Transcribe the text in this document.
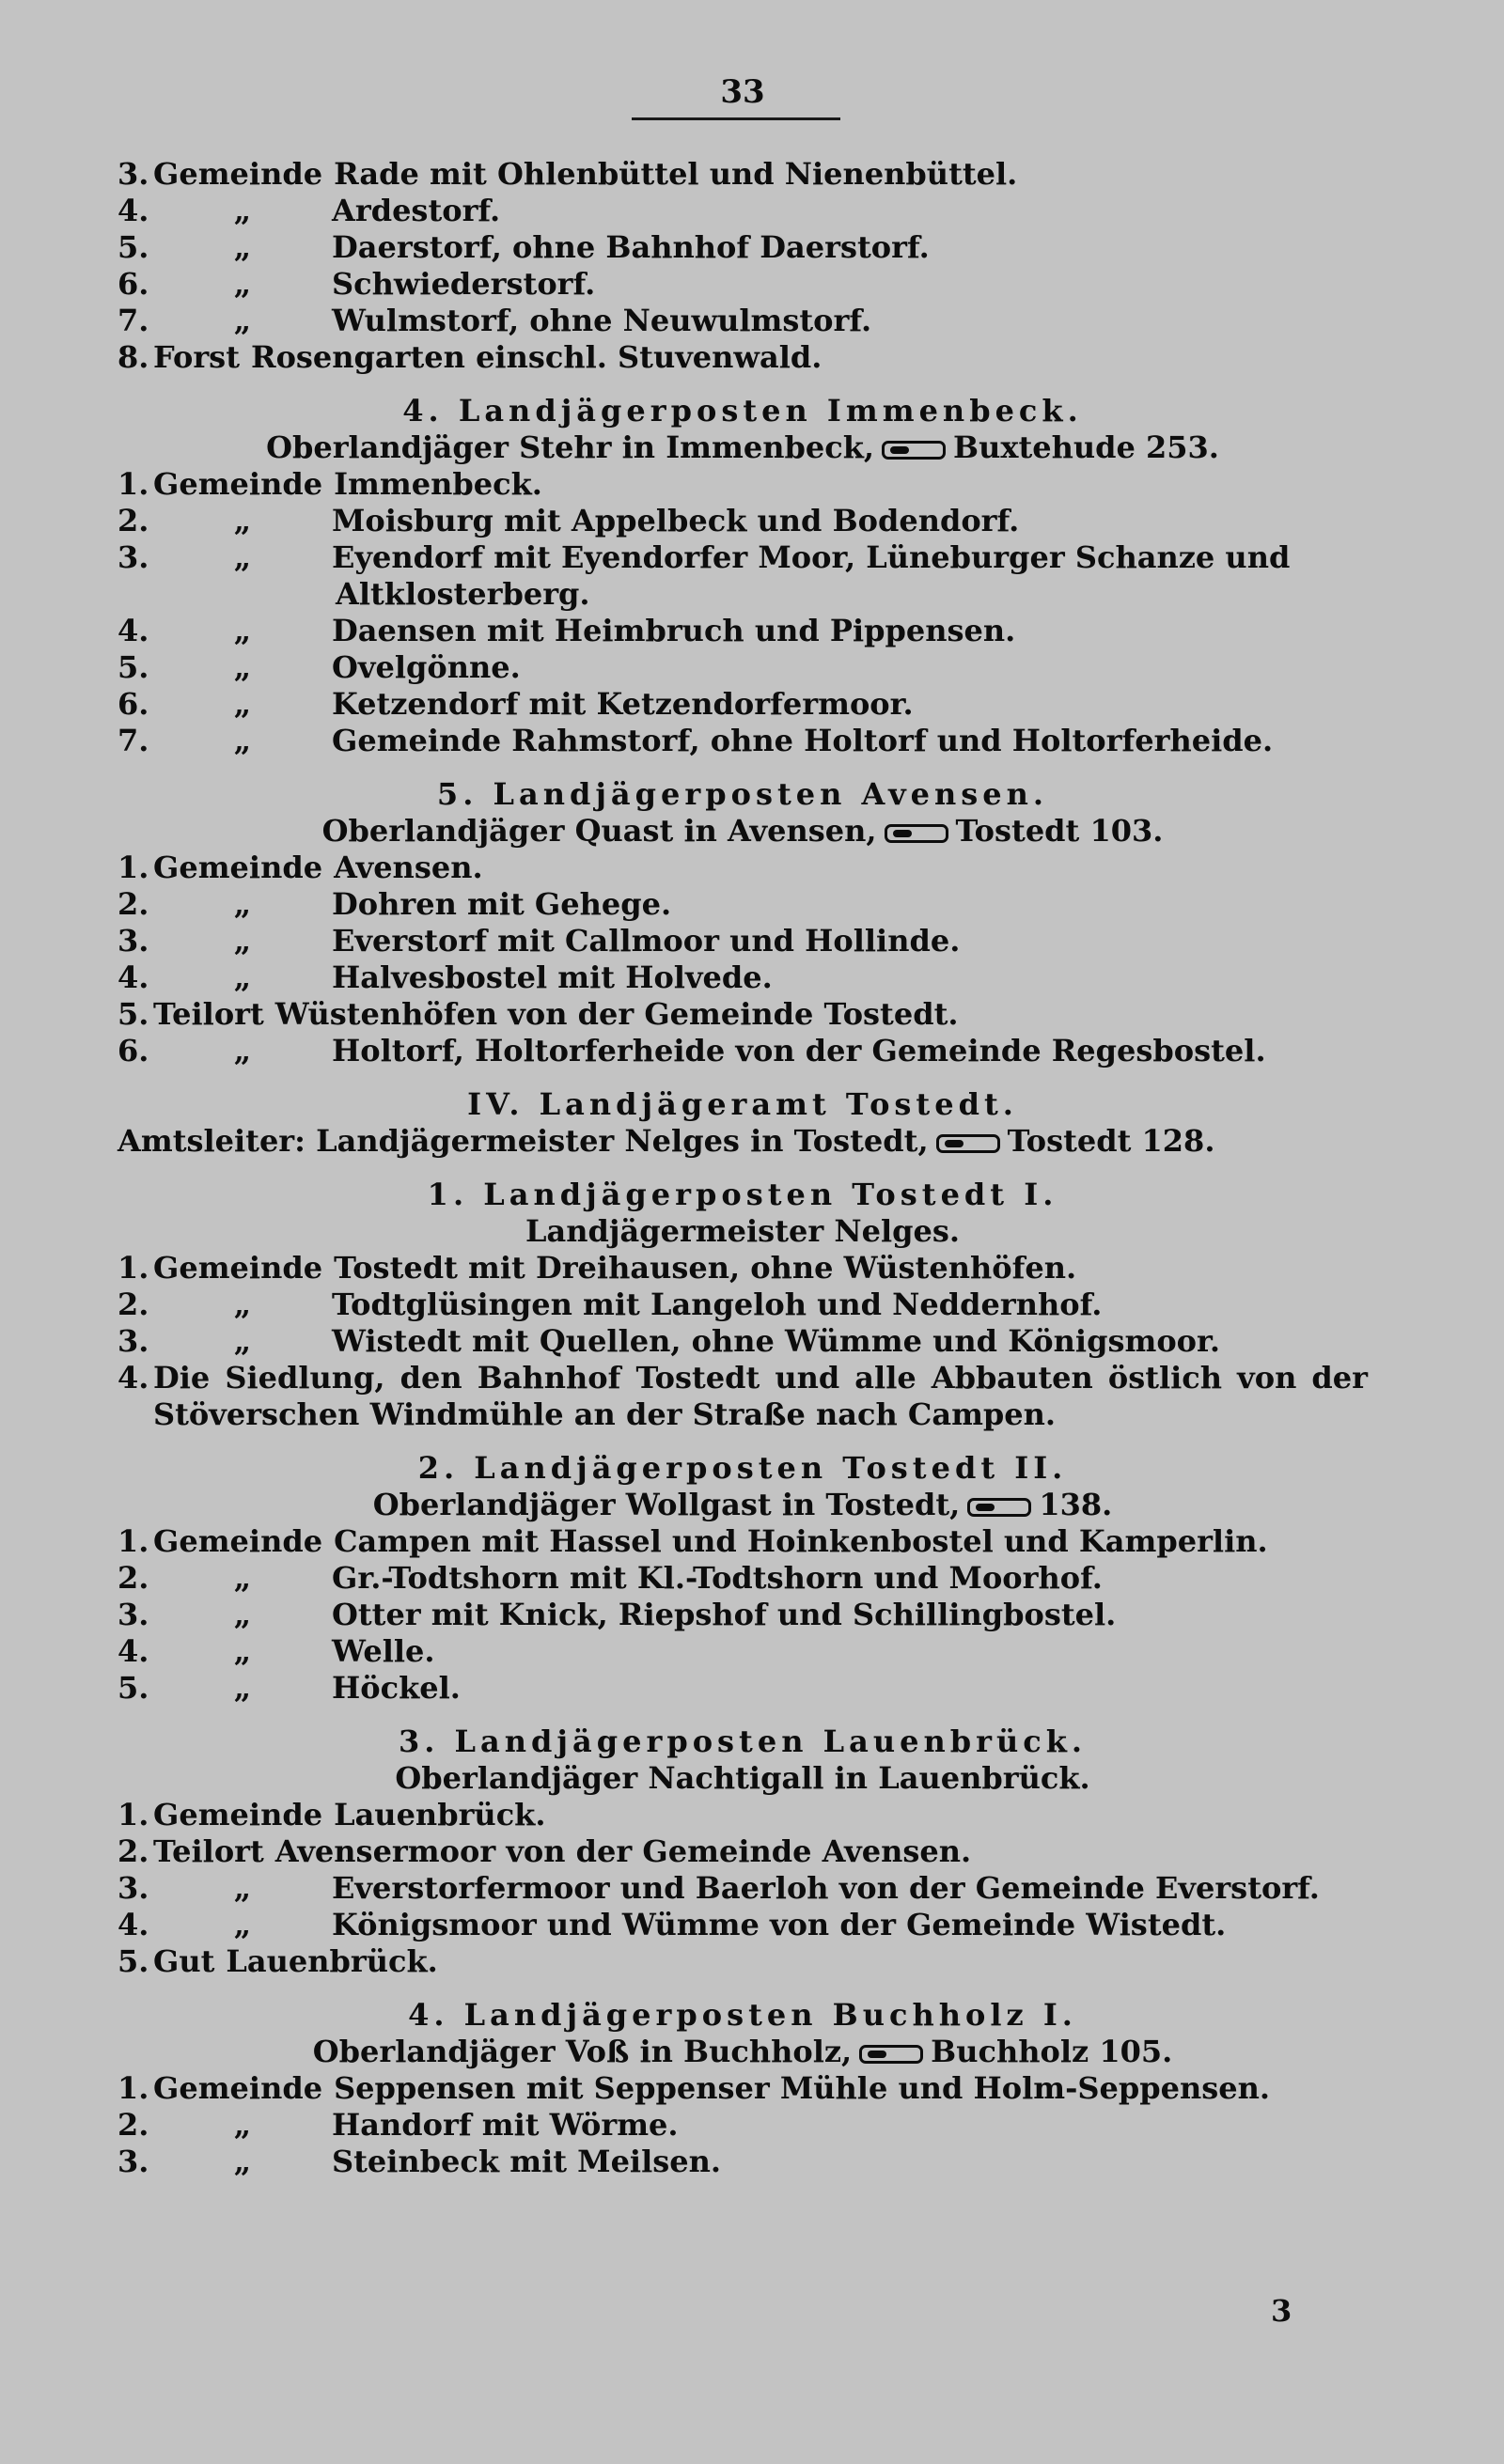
33
3. Gemeinde Rade mit Ohlenbüttel und Nienenbüttel.
4.	„	Ardestorf.
5.	„	Daerstorf, ohne Bahnhof Daerstorf.
6.	„	Schwiederstorf.
7.	„	Wulmstorf, ohne Neuwulmstorf.
8. Forst Rosengarten einschl. Stuvenwald.
4. Landjägerposten Immenbeck.
Oberlandjäger Stehr in Immenbeck,	Buxtehude 253.
1. Gemeinde Immenbeck.
2.	„	Moisburg mit Appelbeck und Bodendorf.
3.	„	Eyendorf mit Eyendorfer Moor, Lüneburger Schanze und
Altklosterberg.
4.	„	Daensen mit Heimbruch und Pippensen.
5.	„	Ovelgönne.
6.	„	Ketzendorf mit Ketzendorfermoor.
7.	„	Gemeinde Rahmstorf, ohne Holtorf und Holtorferheide.
5. Landjägerposten Avensen.
Oberlandjäger Quast in Avensen,	Tostedt 103.
1. Gemeinde Avensen.
2.	„	Dohren mit Gehege.
3.	„	Everstorf mit Callmoor und Hollinde.
4.	„	Halvesbostel mit Holvede.
5. Teilort Wüstenhöfen von der Gemeinde Tostedt.
6.	„	Holtorf, Holtorferheide von der Gemeinde Regesbostel.
IV. Landjägeramt Tostedt.
Amtsleiter: Landjägermeister Nelges in Tostedt,	Tostedt 128.
1. Landjägerposten Tostedt I.
Landjägermeister Nelges.
1. Gemeinde Tostedt mit Dreihausen, ohne Wüstenhöfen.
2.	„	Todtglüsingen mit Langeloh und Neddernhof.
3.	„	Wistedt mit Quellen, ohne Wümme und Königsmoor.
4. Die Siedlung, den Bahnhof Tostedt und alle Abbauten östlich von der Stöverschen Windmühle an der Straße nach Campen.
2. Landjägerposten Tostedt II.
Oberlandjäger Wollgast in Tostedt,	138.
1. Gemeinde Campen mit Hassel und Hoinkenbostel und Kamperlin.
2.	„	Gr.-Todtshorn mit Kl.-Todtshorn und Moorhof.
3.	„	Otter mit Knick, Riepshof und Schillingbostel.
4.	„	Welle.
5.	„	Höckel.
3. Landjägerposten Lauenbrück.
Oberlandjäger Nachtigall in Lauenbrück.
1. Gemeinde Lauenbrück.
2. Teilort Avensermoor von der Gemeinde Avensen.
3.	„	Everstorfermoor und Baerloh von der Gemeinde Everstorf.
4.	„	Königsmoor und Wümme von der Gemeinde Wistedt.
5. Gut Lauenbrück.
4. Landjägerposten Buchholz I.
Oberlandjäger Voß in Buchholz,	Buchholz 105.
1. Gemeinde Seppensen mit Seppenser Mühle und Holm-Seppensen.
2.	„	Handorf mit Wörme.
3.	„	Steinbeck mit Meilsen.
3
